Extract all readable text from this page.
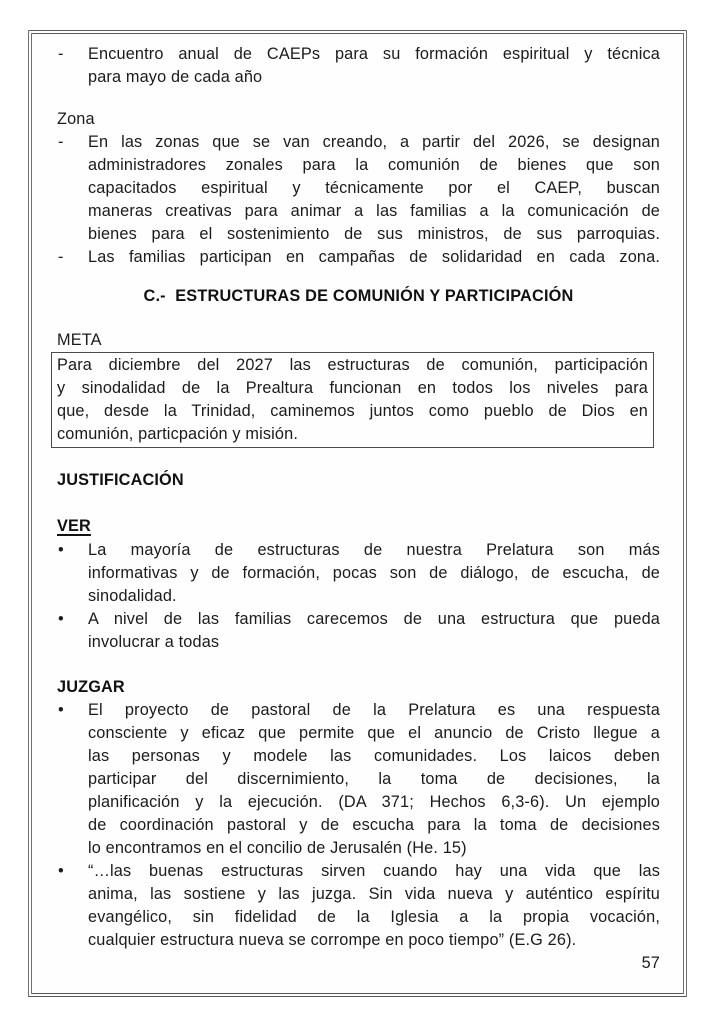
- Encuentro anual de CAEPs para su formación espiritual y técnica
para mayo de cada año
Zona
- En las zonas que se van creando, a partir del 2026, se designan
administradores zonales para la comunión de bienes que son
capacitados espiritual y técnicamente por el CAEP, buscan
maneras creativas para animar a las familias a la comunicación de
bienes para el sostenimiento de sus ministros, de sus parroquias.
- Las familias participan en campañas de solidaridad en cada zona.
C.-  ESTRUCTURAS DE COMUNIÓN Y PARTICIPACIÓN
META
Para diciembre del 2027 las estructuras de comunión, participación
y sinodalidad de la Prealtura funcionan en todos los niveles para
que, desde la Trinidad, caminemos juntos como pueblo de Dios en
comunión, particpación y misión.
JUSTIFICACIÓN
VER
• La mayoría de estructuras de nuestra Prelatura son más
informativas y de formación, pocas son de diálogo, de escucha, de
sinodalidad.
• A nivel de las familias carecemos de una estructura que pueda
involucrar a todas
JUZGAR
• El proyecto de pastoral de la Prelatura es una respuesta
consciente y eficaz que permite que el anuncio de Cristo llegue a
las personas y modele las comunidades. Los laicos deben
participar del discernimiento, la toma de decisiones, la
planificación y la ejecución. (DA 371; Hechos 6,3-6). Un ejemplo
de coordinación pastoral y de escucha para la toma de decisiones
lo encontramos en el concilio de Jerusalén (He. 15)
• “…las buenas estructuras sirven cuando hay una vida que las
anima, las sostiene y las juzga. Sin vida nueva y auténtico espíritu
evangélico, sin fidelidad de la Iglesia a la propia vocación,
cualquier estructura nueva se corrompe en poco tiempo” (E.G 26).
57
